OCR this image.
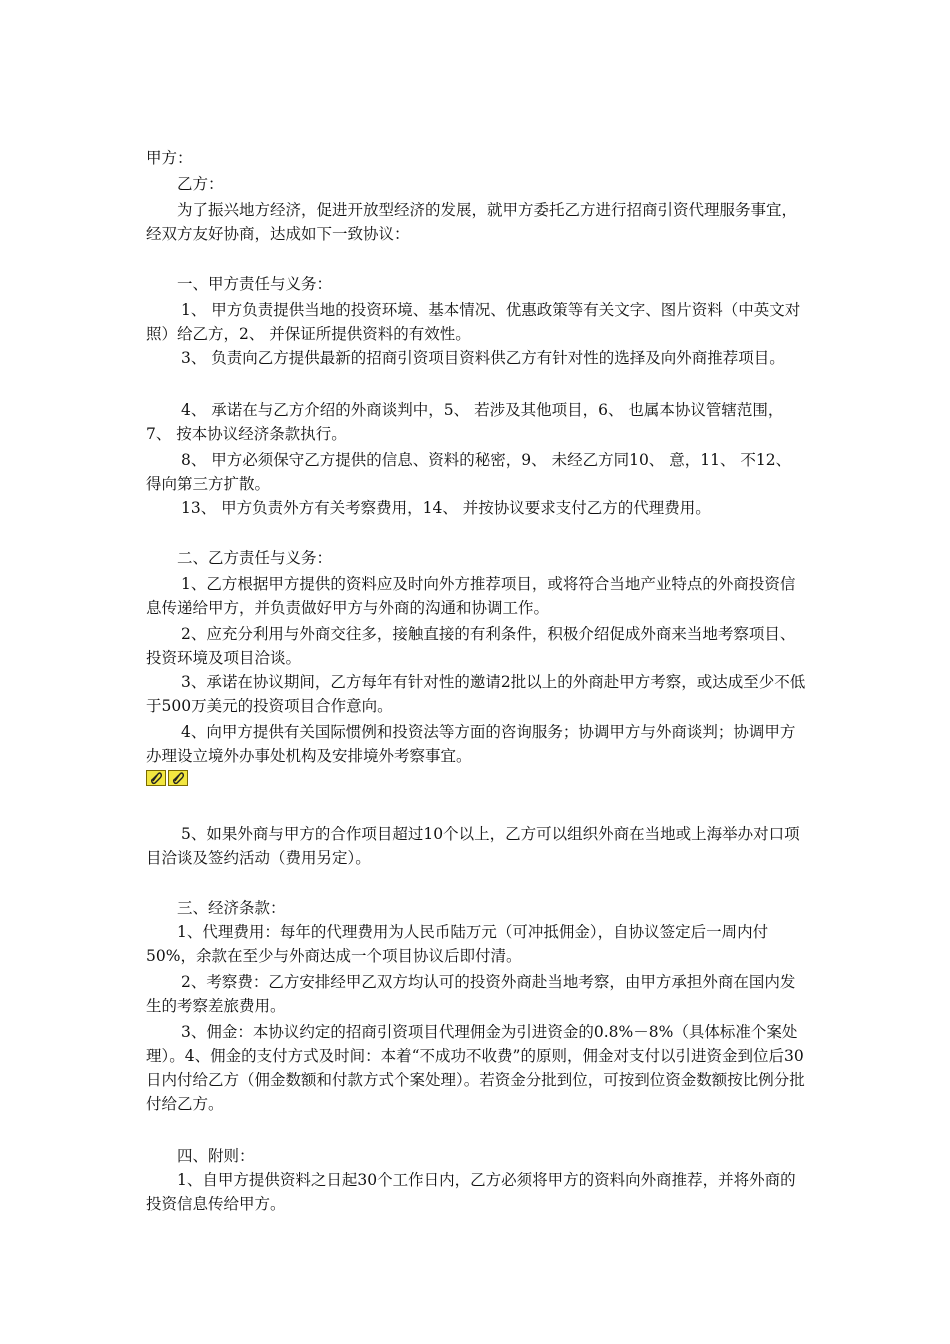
甲方：

乙方：

为了振兴地方经济，促进开放型经济的发展，就甲方委托乙方进行招商引资代理服务事宜，经双方友好协商，达成如下一致协议：

一、甲方责任与义务：

1、 甲方负责提供当地的投资环境、基本情况、优惠政策等有关文字、图片资料（中英文对照）给乙方，2、 并保证所提供资料的有效性。

3、 负责向乙方提供最新的招商引资项目资料供乙方有针对性的选择及向外商推荐项目。

4、 承诺在与乙方介绍的外商谈判中，5、 若涉及其他项目，6、 也属本协议管辖范围，7、 按本协议经济条款执行。

8、 甲方必须保守乙方提供的信息、资料的秘密，9、 未经乙方同10、 意，11、 不12、 得向第三方扩散。

13、 甲方负责外方有关考察费用，14、 并按协议要求支付乙方的代理费用。

二、乙方责任与义务：

1、乙方根据甲方提供的资料应及时向外方推荐项目，或将符合当地产业特点的外商投资信息传递给甲方，并负责做好甲方与外商的沟通和协调工作。

2、应充分利用与外商交往多，接触直接的有利条件，积极介绍促成外商来当地考察项目、投资环境及项目洽谈。

3、承诺在协议期间，乙方每年有针对性的邀请2批以上的外商赴甲方考察，或达成至少不低于500万美元的投资项目合作意向。

4、向甲方提供有关国际惯例和投资法等方面的咨询服务；协调甲方与外商谈判；协调甲方办理设立境外办事处机构及安排境外考察事宜。

5、如果外商与甲方的合作项目超过10个以上，乙方可以组织外商在当地或上海举办对口项目洽谈及签约活动（费用另定）。

三、经济条款：

1、代理费用：每年的代理费用为人民币陆万元（可冲抵佣金），自协议签定后一周内付50%，余款在至少与外商达成一个项目协议后即付清。

2、考察费：乙方安排经甲乙双方均认可的投资外商赴当地考察，由甲方承担外商在国内发生的考察差旅费用。

3、佣金：本协议约定的招商引资项目代理佣金为引进资金的0.8%－8%（具体标准个案处理）。4、佣金的支付方式及时间：本着“不成功不收费”的原则，佣金对支付以引进资金到位后30日内付给乙方（佣金数额和付款方式个案处理）。若资金分批到位，可按到位资金数额按比例分批付给乙方。

四、附则：

1、自甲方提供资料之日起30个工作日内，乙方必须将甲方的资料向外商推荐，并将外商的投资信息传给甲方。
